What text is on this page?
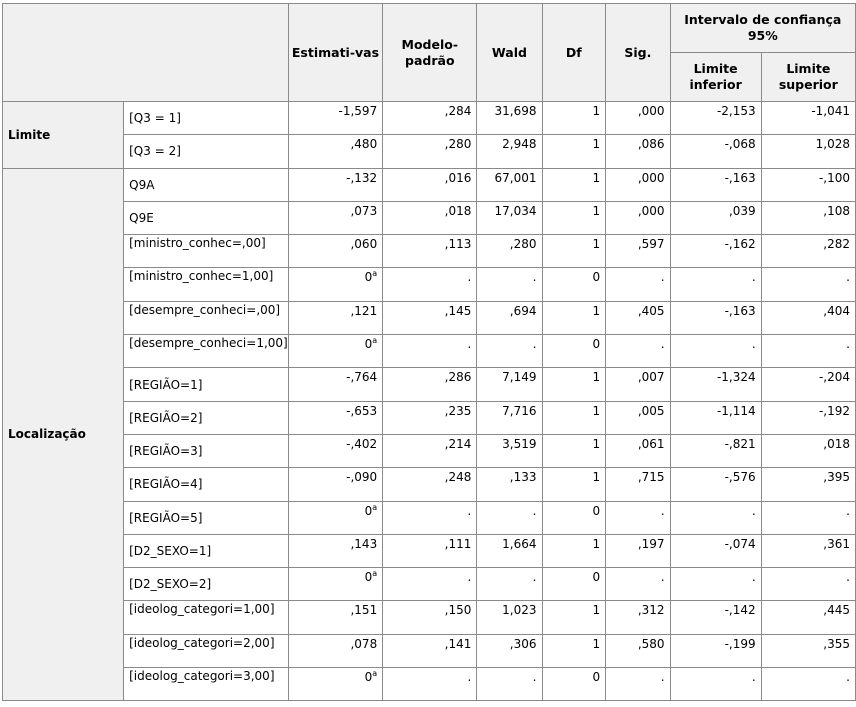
		Estimati-vas	Modelo-padrão	Wald	Df	Sig.	Intervalo de confiança 95%	
							Limite inferior	Limite superior
Limite	[Q3 = 1]	-1,597	,284	31,698	1	,000	-2,153	-1,041
	[Q3 = 2]	,480	,280	2,948	1	,086	-,068	1,028
Localização	Q9A	-,132	,016	67,001	1	,000	-,163	-,100
	Q9E	,073	,018	17,034	1	,000	,039	,108
	[ministro_conhec=,00]	,060	,113	,280	1	,597	-,162	,282
	[ministro_conhec=1,00]	0$^a$	.	.	0	.	.	.
	[desempre_conheci=,00]	,121	,145	,694	1	,405	-,163	,404
	[desempre_conheci=1,00]	0$^a$	.	.	0	.	.	.
	[REGIÃO=1]	-,764	,286	7,149	1	,007	-1,324	-,204
	[REGIÃO=2]	-,653	,235	7,716	1	,005	-1,114	-,192
	[REGIÃO=3]	-,402	,214	3,519	1	,061	-,821	,018
	[REGIÃO=4]	-,090	,248	,133	1	,715	-,576	,395
	[REGIÃO=5]	0$^a$	.	.	0	.	.	.
	[D2_SEXO=1]	,143	,111	1,664	1	,197	-,074	,361
	[D2_SEXO=2]	0$^a$	.	.	0	.	.	.
	[ideolog_categori=1,00]	,151	,150	1,023	1	,312	-,142	,445
	[ideolog_categori=2,00]	,078	,141	,306	1	,580	-,199	,355
	[ideolog_categori=3,00]	0$^a$	.	.	0	.	.	.
